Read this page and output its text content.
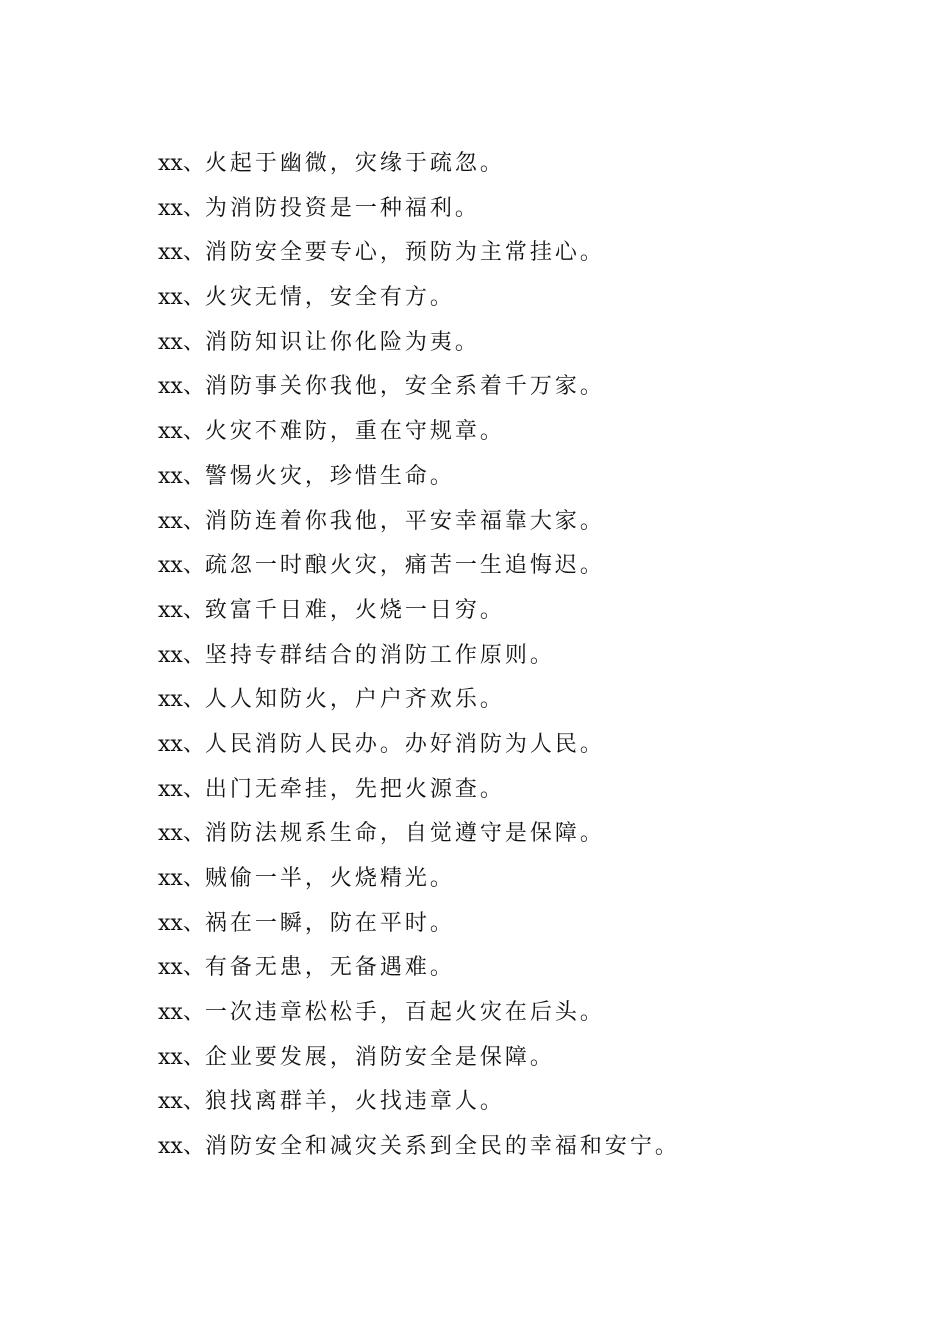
xx、火起于幽微，灾缘于疏忽。
xx、为消防投资是一种福利。
xx、消防安全要专心，预防为主常挂心。
xx、火灾无情，安全有方。
xx、消防知识让你化险为夷。
xx、消防事关你我他，安全系着千万家。
xx、火灾不难防，重在守规章。
xx、警惕火灾，珍惜生命。
xx、消防连着你我他，平安幸福靠大家。
xx、疏忽一时酿火灾，痛苦一生追悔迟。
xx、致富千日难，火烧一日穷。
xx、坚持专群结合的消防工作原则。
xx、人人知防火，户户齐欢乐。
xx、人民消防人民办。办好消防为人民。
xx、出门无牵挂，先把火源查。
xx、消防法规系生命，自觉遵守是保障。
xx、贼偷一半，火烧精光。
xx、祸在一瞬，防在平时。
xx、有备无患，无备遇难。
xx、一次违章松松手，百起火灾在后头。
xx、企业要发展，消防安全是保障。
xx、狼找离群羊，火找违章人。
xx、消防安全和减灾关系到全民的幸福和安宁。
